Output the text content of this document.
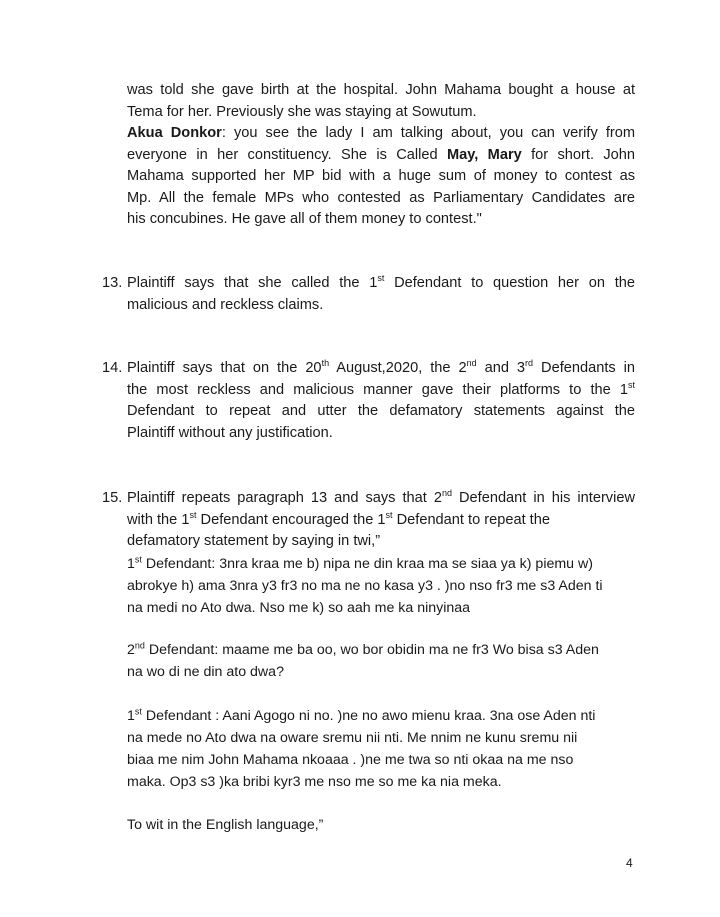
was told she gave birth at the hospital. John Mahama bought a house at
Tema for her. Previously she was staying at Sowutum.
Akua Donkor: you see the lady I am talking about, you can verify from
everyone in her constituency. She is Called May, Mary for short. John
Mahama supported her MP bid with a huge sum of money to contest as
Mp. All the female MPs who contested as Parliamentary Candidates are
his concubines. He gave all of them money to contest."
13. Plaintiff says that she called the 1st Defendant to question her on the
malicious and reckless claims.
14. Plaintiff says that on the 20th August,2020, the 2nd and 3rd Defendants in
the most reckless and malicious manner gave their platforms to the 1st
Defendant to repeat and utter the defamatory statements against the
Plaintiff without any justification.
15. Plaintiff repeats paragraph 13 and says that 2nd Defendant in his interview
with the 1st Defendant encouraged the 1st Defendant to repeat the
defamatory statement by saying in twi,”
1st Defendant: 3nra kraa me b) nipa ne din kraa ma se siaa ya k) piemu w)
abrokye h) ama 3nra y3 fr3 no ma ne no kasa y3 . )no nso fr3 me s3 Aden ti
na medi no Ato dwa. Nso me k) so aah me ka ninyinaa
2nd Defendant: maame me ba oo, wo bor obidin ma ne fr3 Wo bisa s3 Aden
na wo di ne din ato dwa?
1st Defendant : Aani Agogo ni no. )ne no awo mienu kraa. 3na ose Aden nti
na mede no Ato dwa na oware sremu nii nti. Me nnim ne kunu sremu nii
biaa me nim John Mahama nkoaaa . )ne me twa so nti okaa na me nso
maka. Op3 s3 )ka bribi kyr3 me nso me so me ka nia meka.
To wit in the English language,”
4
